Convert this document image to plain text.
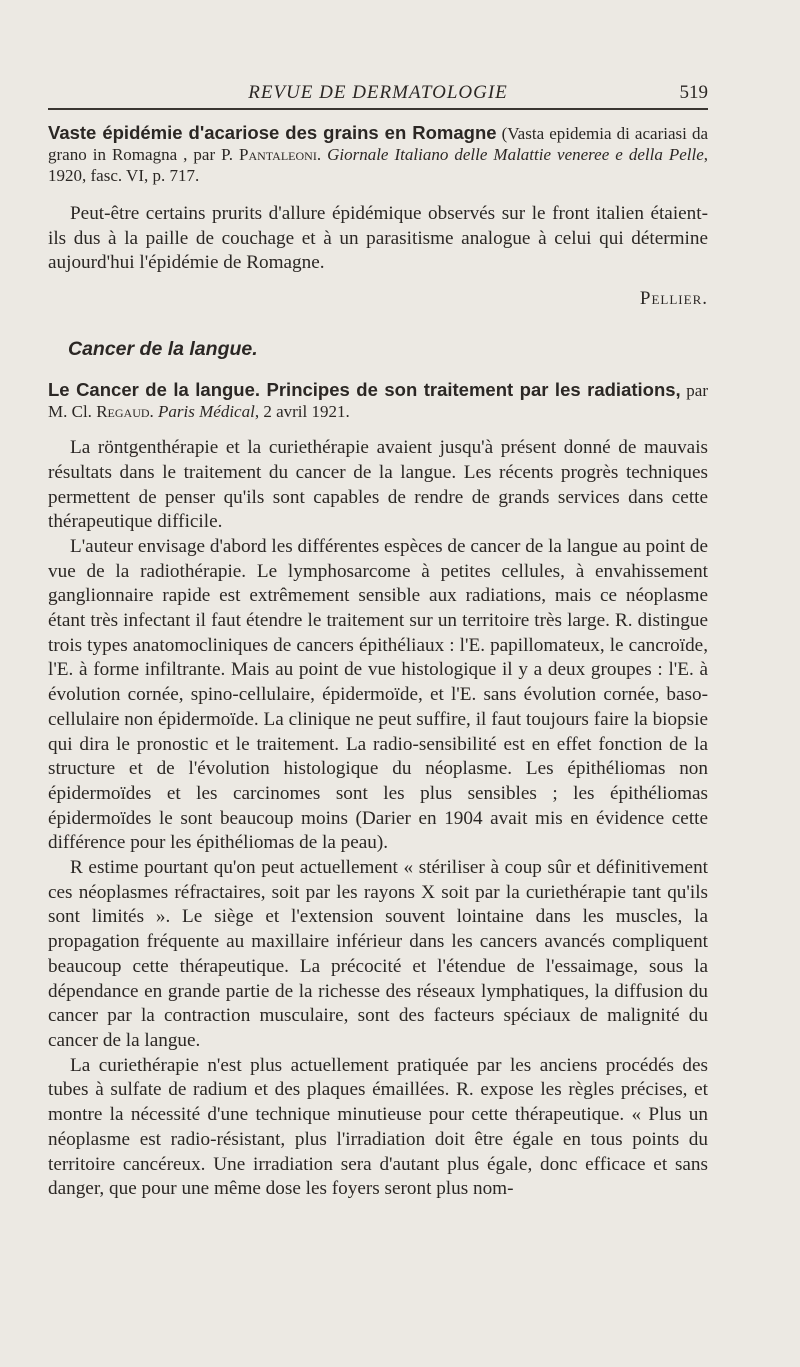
REVUE DE DERMATOLOGIE	519
Vaste épidémie d'acariose des grains en Romagne (Vasta epidemia di acariasi da grano in Romagna , par P. Pantaleoni. Giornale Italiano delle Malattie veneree e della Pelle, 1920, fasc. VI, p. 717.

Peut-être certains prurits d'allure épidémique observés sur le front italien étaient-ils dus à la paille de couchage et à un parasitisme analogue à celui qui détermine aujourd'hui l'épidémie de Romagne.

Pellier.
Cancer de la langue.
Le Cancer de la langue. Principes de son traitement par les radiations, par M. Cl. Regaud. Paris Médical, 2 avril 1921.

La röntgenthérapie et la curiethérapie avaient jusqu'à présent donné de mauvais résultats dans le traitement du cancer de la langue. Les récents progrès techniques permettent de penser qu'ils sont capables de rendre de grands services dans cette thérapeutique difficile.

L'auteur envisage d'abord les différentes espèces de cancer de la langue au point de vue de la radiothérapie. Le lymphosarcome à petites cellules, à envahissement ganglionnaire rapide est extrêmement sensible aux radiations, mais ce néoplasme étant très infectant il faut étendre le traitement sur un territoire très large. R. distingue trois types anatomocliniques de cancers épithéliaux : l'E. papillomateux, le cancroïde, l'E. à forme infiltrante. Mais au point de vue histologique il y a deux groupes : l'E. à évolution cornée, spino-cellulaire, épidermoïde, et l'E. sans évolution cornée, baso-cellulaire non épidermoïde. La clinique ne peut suffire, il faut toujours faire la biopsie qui dira le pronostic et le traitement. La radio-sensibilité est en effet fonction de la structure et de l'évolution histologique du néoplasme. Les épithéliomas non épidermoïdes et les carcinomes sont les plus sensibles ; les épithéliomas épidermoïdes le sont beaucoup moins (Darier en 1904 avait mis en évidence cette différence pour les épithéliomas de la peau).

R estime pourtant qu'on peut actuellement « stériliser à coup sûr et définitivement ces néoplasmes réfractaires, soit par les rayons X soit par la curiethérapie tant qu'ils sont limités ». Le siège et l'extension souvent lointaine dans les muscles, la propagation fréquente au maxillaire inférieur dans les cancers avancés compliquent beaucoup cette thérapeutique. La précocité et l'étendue de l'essaimage, sous la dépendance en grande partie de la richesse des réseaux lymphatiques, la diffusion du cancer par la contraction musculaire, sont des facteurs spéciaux de malignité du cancer de la langue.

La curiethérapie n'est plus actuellement pratiquée par les anciens procédés des tubes à sulfate de radium et des plaques émaillées. R. expose les règles précises, et montre la nécessité d'une technique minutieuse pour cette thérapeutique. « Plus un néoplasme est radio-résistant, plus l'irradiation doit être égale en tous points du territoire cancéreux. Une irradiation sera d'autant plus égale, donc efficace et sans danger, que pour une même dose les foyers seront plus nom-
